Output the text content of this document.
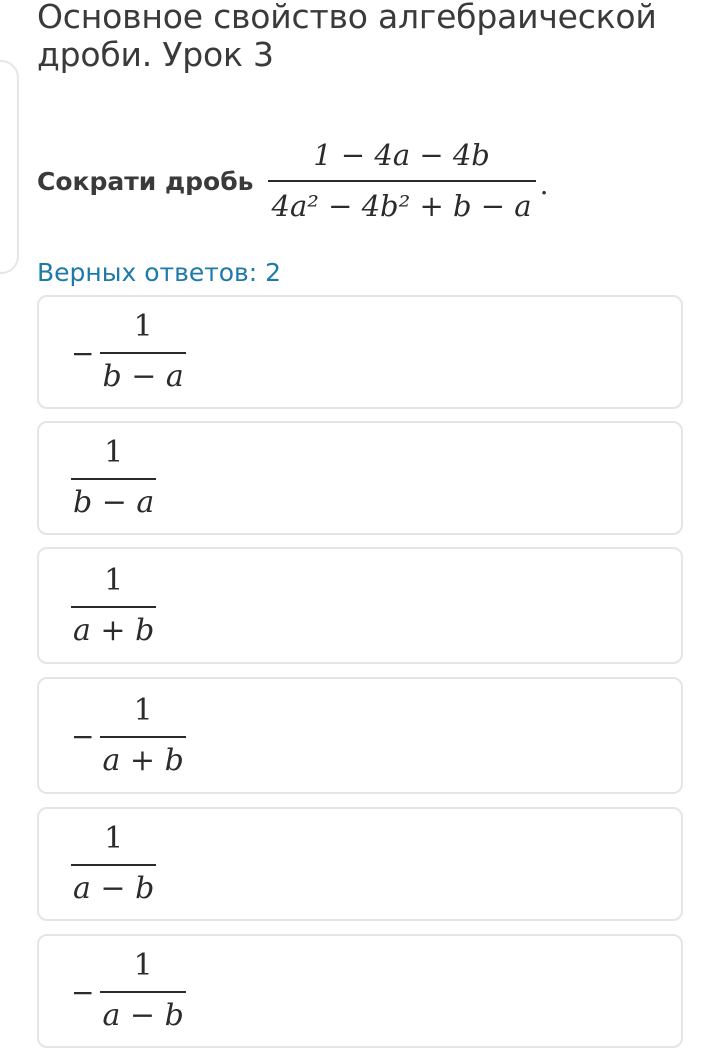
Основное свойство алгебраической дроби. Урок 3
Сократи дробь $\frac{1 - 4a - 4b}{\text{4a² − 4b² + b − a}}$ .
Верных ответов: 2
− $\frac{1}{b - a}$
$\frac{1}{b - a}$
$\frac{1}{a + b}$
− $\frac{1}{a + b}$
$\frac{1}{a - b}$
− $\frac{1}{a - b}$
